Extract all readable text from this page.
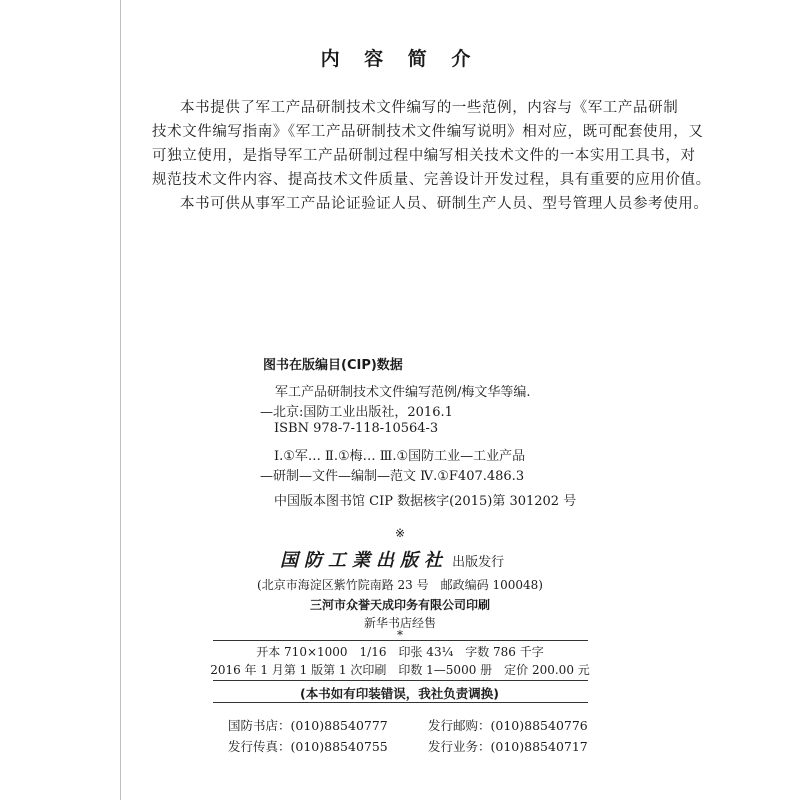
内 容 简 介
本书提供了军工产品研制技术文件编写的一些范例，内容与《军工产品研制
技术文件编写指南》《军工产品研制技术文件编写说明》相对应，既可配套使用，又
可独立使用，是指导军工产品研制过程中编写相关技术文件的一本实用工具书，对
规范技术文件内容、提高技术文件质量、完善设计开发过程，具有重要的应用价值。
本书可供从事军工产品论证验证人员、研制生产人员、型号管理人员参考使用。
图书在版编目(CIP)数据
军工产品研制技术文件编写范例/梅文华等编.
—北京:国防工业出版社，2016.1
ISBN 978-7-118-10564-3
Ⅰ.①军… Ⅱ.①梅… Ⅲ.①国防工业—工业产品
—研制—文件—编制—范文 Ⅳ.①F407.486.3
中国版本图书馆 CIP 数据核字(2015)第 301202 号
※
国防工業出版社 出版发行
(北京市海淀区紫竹院南路 23 号　邮政编码 100048)
三河市众誉天成印务有限公司印刷
新华书店经售
*
开本 710×1000　1/16　印张 43¼　字数 786 千字
2016 年 1 月第 1 版第 1 次印刷　印数 1—5000 册　定价 200.00 元
(本书如有印装错误，我社负责调换)
国防书店：(010)88540777	发行邮购：(010)88540776
发行传真：(010)88540755	发行业务：(010)88540717
